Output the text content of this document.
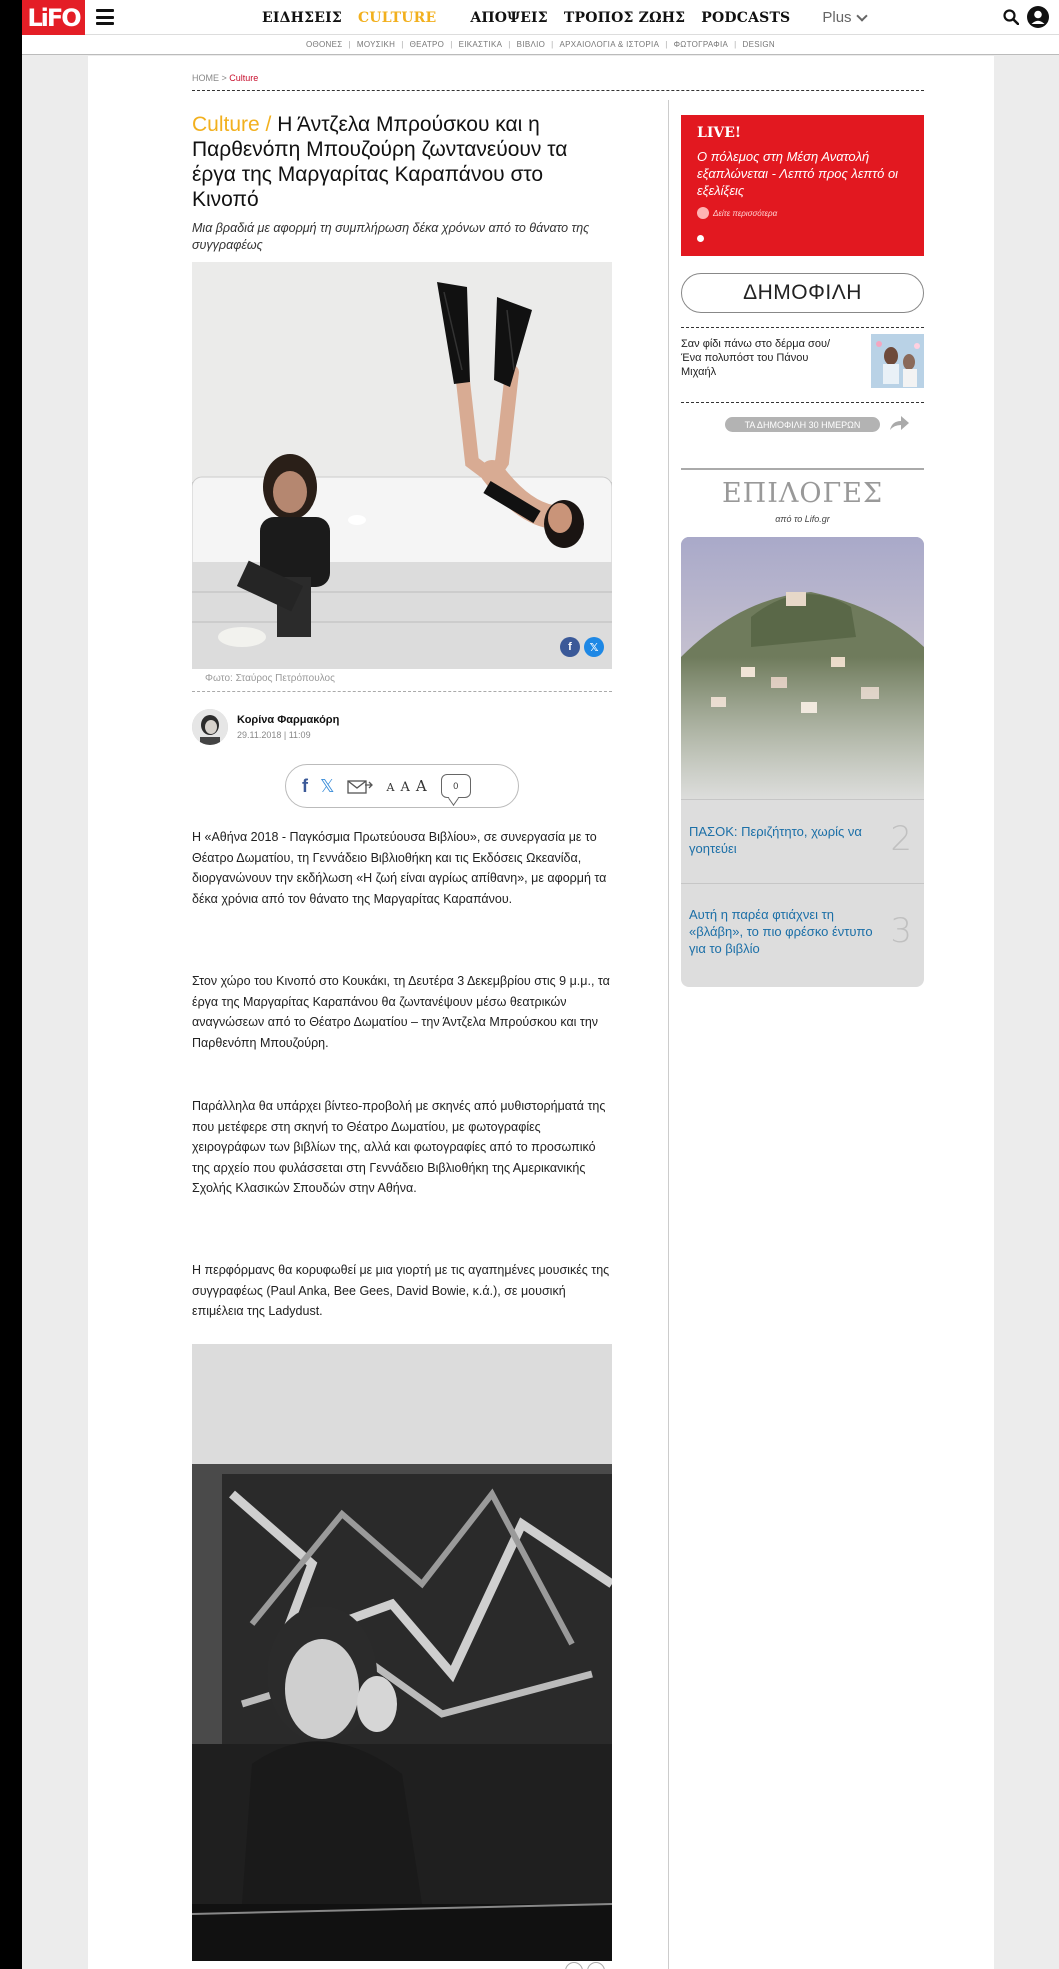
LiFO	ΕΙΔΗΣΕΙΣ CULTURE ΑΠΟΨΕΙΣ ΤΡΟΠΟΣ ΖΩΗΣ PODCASTS Plus
ΟΘΟΝΕΣ | ΜΟΥΣΙΚΗ | ΘΕΑΤΡΟ | ΕΙΚΑΣΤΙΚΑ | ΒΙΒΛΙΟ | ΑΡΧΑΙΟΛΟΓΙΑ & ΙΣΤΟΡΙΑ | ΦΩΤΟΓΡΑΦΙΑ | DESIGN
HOME > Culture
Culture / Η Άντζελα Μπρούσκου και η Παρθενόπη Μπουζούρη ζωντανεύουν τα έργα της Μαργαρίτας Καραπάνου στο Κινοπό

Μια βραδιά με αφορμή τη συμπλήρωση δέκα χρόνων από το θάνατο της συγγραφέως

f	𝕏
Φωτο: Σταύρος Πετρόπουλος
Κορίνα Φαρμακόρη
29.11.2018 | 11:09
f 𝕏	A A A	0

Η «Αθήνα 2018 - Παγκόσμια Πρωτεύουσα Βιβλίου», σε συνεργασία με το Θέατρο Δωματίου, τη Γεννάδειο Βιβλιοθήκη και τις Εκδόσεις Ωκεανίδα, διοργανώνουν την εκδήλωση «Η ζωή είναι αγρίως απίθανη», με αφορμή τα δέκα χρόνια από τον θάνατο της Μαργαρίτας Καραπάνου.

Στον χώρο του Κινοπό στο Κουκάκι, τη Δευτέρα 3 Δεκεμβρίου στις 9 μ.μ., τα έργα της Μαργαρίτας Καραπάνου θα ζωντανέψουν μέσω θεατρικών αναγνώσεων από το Θέατρο Δωματίου – την Άντζελα Μπρούσκου και την Παρθενόπη Μπουζούρη.

Παράλληλα θα υπάρχει βίντεο-προβολή με σκηνές από μυθιστορήματά της που μετέφερε στη σκηνή το Θέατρο Δωματίου, με φωτογραφίες χειρογράφων των βιβλίων της, αλλά και φωτογραφίες από το προσωπικό της αρχείο που φυλάσσεται στη Γεννάδειο Βιβλιοθήκη της Αμερικανικής Σχολής Κλασικών Σπουδών στην Αθήνα.

Η περφόρμανς θα κορυφωθεί με μια γιορτή με τις αγαπημένες μουσικές της συγγραφέως (Paul Anka, Bee Gees, David Bowie, κ.ά.), σε μουσική επιμέλεια της Ladydust.

LIVE!
Ο πόλεμος στη Μέση Ανατολή εξαπλώνεται - Λεπτό προς λεπτό οι εξελίξεις
Δείτε περισσότερα
ΔΗΜΟΦΙΛΗ
Σαν φίδι πάνω στο δέρμα σου/ Ένα πολυπόστ του Πάνου Μιχαήλ
ΤΑ ΔΗΜΟΦΙΛΗ 30 ΗΜΕΡΩΝ
ΕΠΙΛΟΓΕΣ
από το Lifo.gr
ΠΑΣΟΚ: Περιζήτητο, χωρίς να γοητεύει	2
Αυτή η παρέα φτιάχνει τη «βλάβη», το πιο φρέσκο έντυπο για το βιβλίο	3
